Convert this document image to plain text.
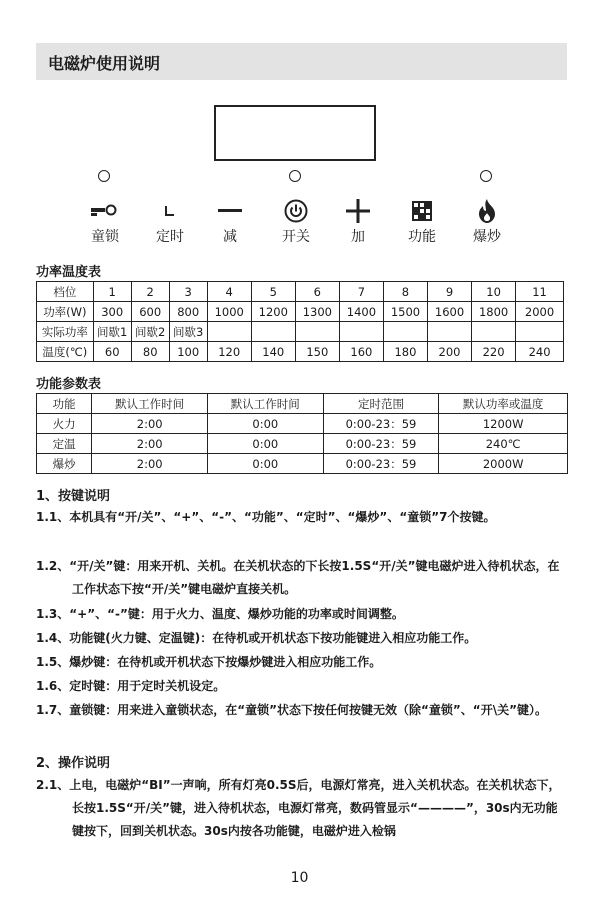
电磁炉使用说明
童锁	定时	减	开关	加	功能	爆炒
功率温度表
档位	1	2	3	4	5	6	7	8	9	10	11
功率(W)	300	600	800	1000	1200	1300	1400	1500	1600	1800	2000
实际功率	间歇1	间歇2	间歇3								
温度(℃)	60	80	100	120	140	150	160	180	200	220	240
功能参数表
功能	默认工作时间	默认工作时间	定时范围	默认功率或温度
火力	2:00	0:00	0:00-23：59	1200W
定温	2:00	0:00	0:00-23：59	240℃
爆炒	2:00	0:00	0:00-23：59	2000W
1、按键说明
1.1、本机具有“开/关”、“+”、“-”、“功能”、“定时”、“爆炒”、“童锁”7个按键。
1.2、“开/关”键：用来开机、关机。在关机状态的下长按1.5S“开/关”键电磁炉进入待机状态，在工作状态下按“开/关”键电磁炉直接关机。
1.3、“+”、“-”键：用于火力、温度、爆炒功能的功率或时间调整。
1.4、功能键(火力键、定温键)：在待机或开机状态下按功能键进入相应功能工作。
1.5、爆炒键：在待机或开机状态下按爆炒键进入相应功能工作。
1.6、定时键：用于定时关机设定。
1.7、童锁键：用来进入童锁状态，在“童锁”状态下按任何按键无效（除“童锁”、“开\关”键）。
2、操作说明
2.1、上电，电磁炉“BI”一声响，所有灯亮0.5S后，电源灯常亮，进入关机状态。在关机状态下，长按1.5S“开/关”键，进入待机状态，电源灯常亮，数码管显示“————”，30s内无功能键按下，回到关机状态。30s内按各功能键，电磁炉进入检锅
10
